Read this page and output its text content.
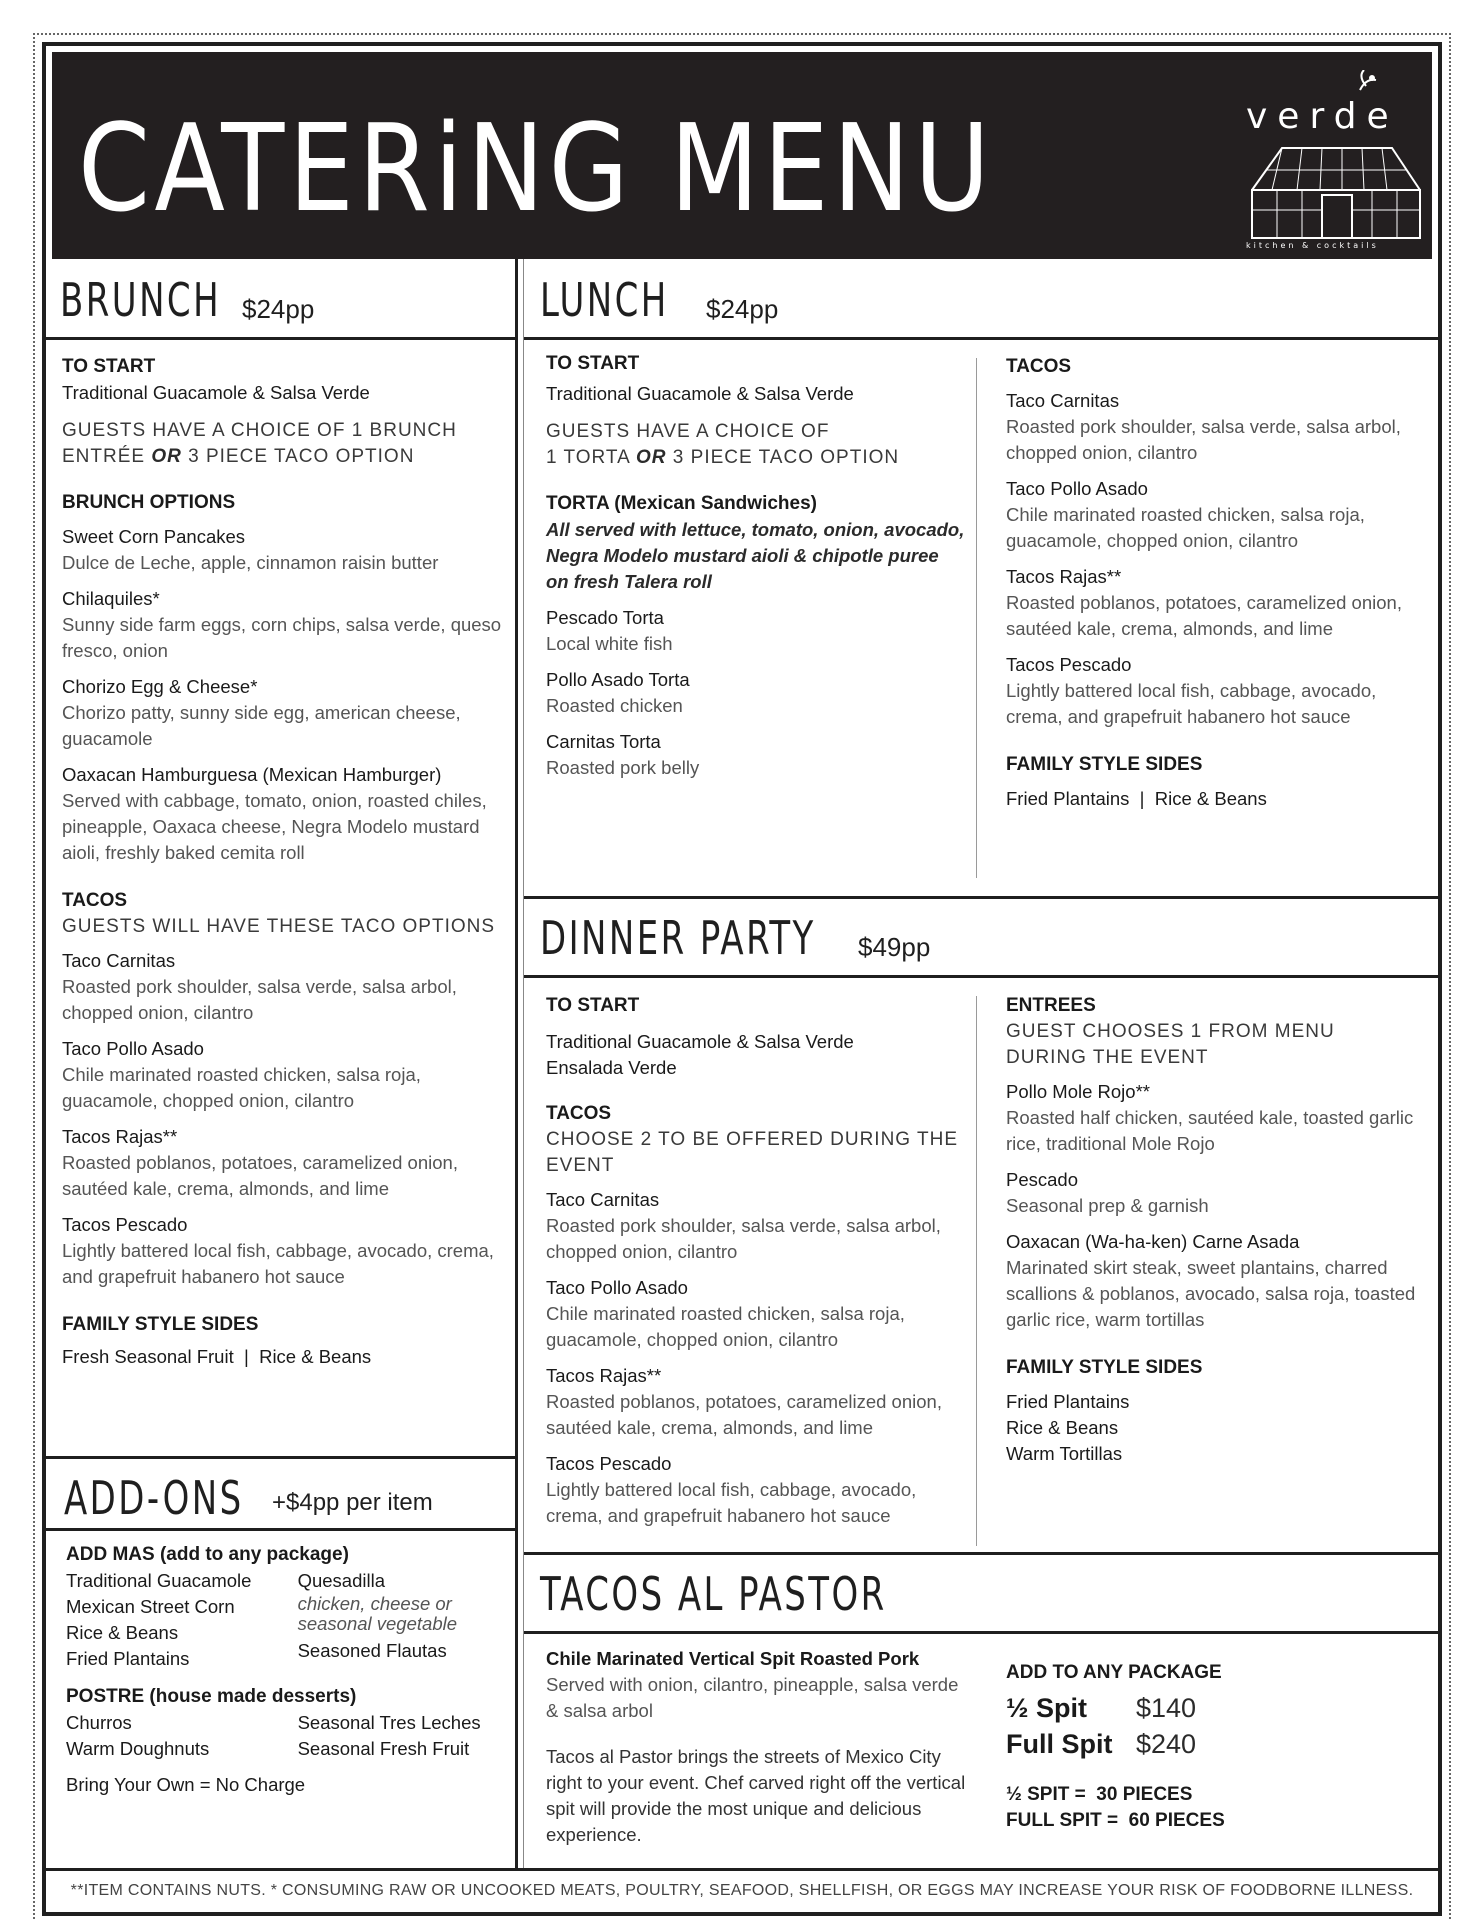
CATERiNG MENU	verde
kitchen & cocktails
BRUNCH $24pp
TO START
Traditional Guacamole & Salsa Verde
GUESTS HAVE A CHOICE OF 1 BRUNCH
ENTRÉE OR 3 PIECE TACO OPTION
BRUNCH OPTIONS
Sweet Corn Pancakes
Dulce de Leche, apple, cinnamon raisin butter
Chilaquiles*
Sunny side farm eggs, corn chips, salsa verde, queso fresco, onion
Chorizo Egg & Cheese*
Chorizo patty, sunny side egg, american cheese, guacamole
Oaxacan Hamburguesa (Mexican Hamburger)
Served with cabbage, tomato, onion, roasted chiles, pineapple, Oaxaca cheese, Negra Modelo mustard aioli, freshly baked cemita roll
TACOS
GUESTS WILL HAVE THESE TACO OPTIONS
Taco Carnitas
Roasted pork shoulder, salsa verde, salsa arbol, chopped onion, cilantro
Taco Pollo Asado
Chile marinated roasted chicken, salsa roja, guacamole, chopped onion, cilantro
Tacos Rajas**
Roasted poblanos, potatoes, caramelized onion, sautéed kale, crema, almonds, and lime
Tacos Pescado
Lightly battered local fish, cabbage, avocado, crema, and grapefruit habanero hot sauce
FAMILY STYLE SIDES
Fresh Seasonal Fruit  |  Rice & Beans
ADD-ONS +$4pp per item
ADD MAS (add to any package)
Traditional Guacamole
Mexican Street Corn
Rice & Beans
Fried Plantains
Quesadilla
chicken, cheese or seasonal vegetable
Seasoned Flautas
POSTRE (house made desserts)
Churros
Warm Doughnuts
Seasonal Tres Leches
Seasonal Fresh Fruit
Bring Your Own = No Charge
LUNCH $24pp
TO START
Traditional Guacamole & Salsa Verde
GUESTS HAVE A CHOICE OF
1 TORTA OR 3 PIECE TACO OPTION
TORTA (Mexican Sandwiches)
All served with lettuce, tomato, onion, avocado, Negra Modelo mustard aioli & chipotle puree on fresh Talera roll
Pescado Torta
Local white fish
Pollo Asado Torta
Roasted chicken
Carnitas Torta
Roasted pork belly
TACOS
Taco Carnitas
Roasted pork shoulder, salsa verde, salsa arbol, chopped onion, cilantro
Taco Pollo Asado
Chile marinated roasted chicken, salsa roja, guacamole, chopped onion, cilantro
Tacos Rajas**
Roasted poblanos, potatoes, caramelized onion, sautéed kale, crema, almonds, and lime
Tacos Pescado
Lightly battered local fish, cabbage, avocado, crema, and grapefruit habanero hot sauce
FAMILY STYLE SIDES
Fried Plantains  |  Rice & Beans
DINNER PARTY $49pp
TO START
Traditional Guacamole & Salsa Verde
Ensalada Verde
TACOS
CHOOSE 2 TO BE OFFERED DURING THE EVENT
Taco Carnitas
Roasted pork shoulder, salsa verde, salsa arbol, chopped onion, cilantro
Taco Pollo Asado
Chile marinated roasted chicken, salsa roja, guacamole, chopped onion, cilantro
Tacos Rajas**
Roasted poblanos, potatoes, caramelized onion, sautéed kale, crema, almonds, and lime
Tacos Pescado
Lightly battered local fish, cabbage, avocado, crema, and grapefruit habanero hot sauce
ENTREES
GUEST CHOOSES 1 FROM MENU DURING THE EVENT
Pollo Mole Rojo**
Roasted half chicken, sautéed kale, toasted garlic rice, traditional Mole Rojo
Pescado
Seasonal prep & garnish
Oaxacan (Wa-ha-ken) Carne Asada
Marinated skirt steak, sweet plantains, charred scallions & poblanos, avocado, salsa roja, toasted garlic rice, warm tortillas
FAMILY STYLE SIDES
Fried Plantains
Rice & Beans
Warm Tortillas
TACOS AL PASTOR
Chile Marinated Vertical Spit Roasted Pork
Served with onion, cilantro, pineapple, salsa verde & salsa arbol
Tacos al Pastor brings the streets of Mexico City right to your event. Chef carved right off the vertical spit will provide the most unique and delicious experience.
ADD TO ANY PACKAGE
½ Spit $140
Full Spit $240
½ SPIT =  30 PIECES
FULL SPIT =  60 PIECES
**ITEM CONTAINS NUTS. * CONSUMING RAW OR UNCOOKED MEATS, POULTRY, SEAFOOD, SHELLFISH, OR EGGS MAY INCREASE YOUR RISK OF FOODBORNE ILLNESS.
